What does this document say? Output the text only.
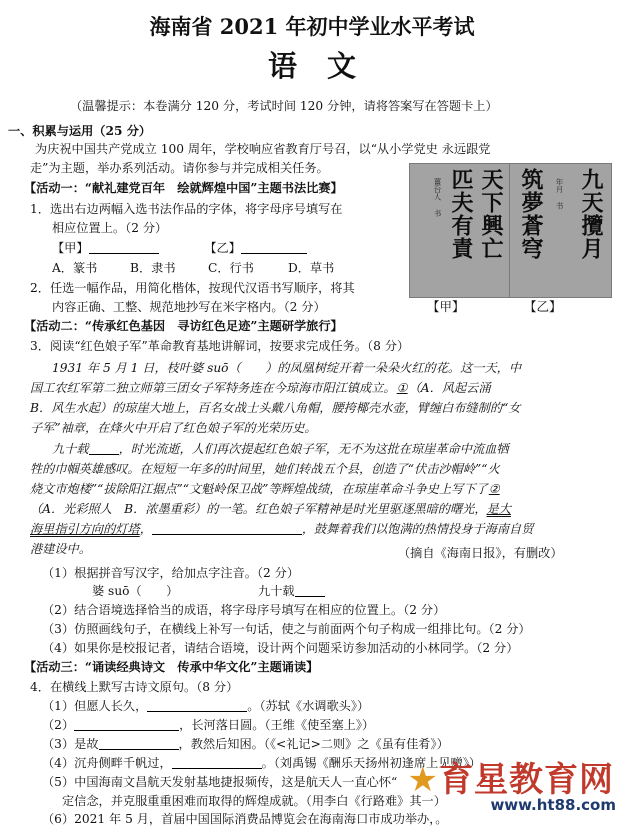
海南省 2021 年初中学业水平考试
语文
（温馨提示：本卷满分 120 分，考试时间 120 分钟，请将答案写在答题卡上）
一、积累与运用（25 分）
为庆祝中国共产党成立 100 周年，学校响应省教育厅号召，以“从小学党史 永远跟党
走”为主题，举办系列活动。请你参与并完成相关任务。
【活动一：“献礼建党百年　绘就辉煌中国”主题书法比赛】
1．选出右边两幅入选书法作品的字体，将字母序号填写在
相应位置上。（2 分）
【甲】	【乙】
A．篆书	B．隶书	C．行书	D．草书
2．任选一幅作品，用简化楷体，按现代汉语书写顺序，将其
内容正确、工整、规范地抄写在米字格内。（2 分）
天下興亡
匹夫有責
薑台人 书	九天攬月
筑夢蒼穹 年月 书
【甲】	【乙】
【活动二：“传承红色基因　寻访红色足迹”主题研学旅行】
3．阅读“红色娘子军”革命教育基地讲解词，按要求完成任务。（8 分）
1931 年 5 月 1 日，枝叶婆 suō（　　）的凤凰树绽开着一朵朵火红的花。这一天，中
国工农红军第二独立师第三团女子军特务连在今琼海市阳江镇成立。①（A．风起云涌
B．风生水起）的琼崖大地上，百名女战士头戴八角帽，腰挎椰壳水壶，臂缠白布缝制的“女
子军”袖章，在烽火中开启了红色娘子军的光荣历史。
九十载 ，时光流逝，人们再次提起红色娘子军，无不为这批在琼崖革命中流血牺
牲的巾帼英雄感叹。在短短一年多的时间里，她们转战五个县，创造了“伏击沙帽岭”“火
烧文市炮楼”“拔除阳江据点”“文魁岭保卫战”等辉煌战绩，在琼崖革命斗争史上写下了②
（A．光彩照人　B．浓墨重彩）的一笔。红色娘子军精神是时光里驱逐黑暗的曙光，是大
海里指引方向的灯塔，	，鼓舞着我们以饱满的热情投身于海南自贸
港建设中。	（摘自《海南日报》，有删改）
（1）根据拼音写汉字，给加点字注音。（2 分）
婆 suō（　　）	九十载
（2）结合语境选择恰当的成语，将字母序号填写在相应的位置上。（2 分）
（3）仿照画线句子，在横线上补写一句话，使之与前面两个句子构成一组排比句。（2 分）
（4）如果你是校报记者，请结合语境，设计两个问题采访参加活动的小林同学。（2 分）
【活动三：“诵读经典诗文　传承中华文化”主题诵读】
4．在横线上默写古诗文原句。（8 分）
（1）但愿人长久，	。（苏轼《水调歌头》）
（2）	，长河落日圆。（王维《使至塞上》）
（3）是故	，教然后知困。（《<礼记>二则》之《虽有佳肴》）
（4）沉舟侧畔千帆过，	。（刘禹锡《酬乐天扬州初逢席上见赠》）
（5）中国海南文昌航天发射基地捷报频传，这是航天人一直心怀“
定信念，并克服重重困难而取得的辉煌成就。（用李白《行路难》其一）
（6）2021 年 5 月，首届中国国际消费品博览会在海南海口市成功举办，。
★育星教育网
www.ht88.com
